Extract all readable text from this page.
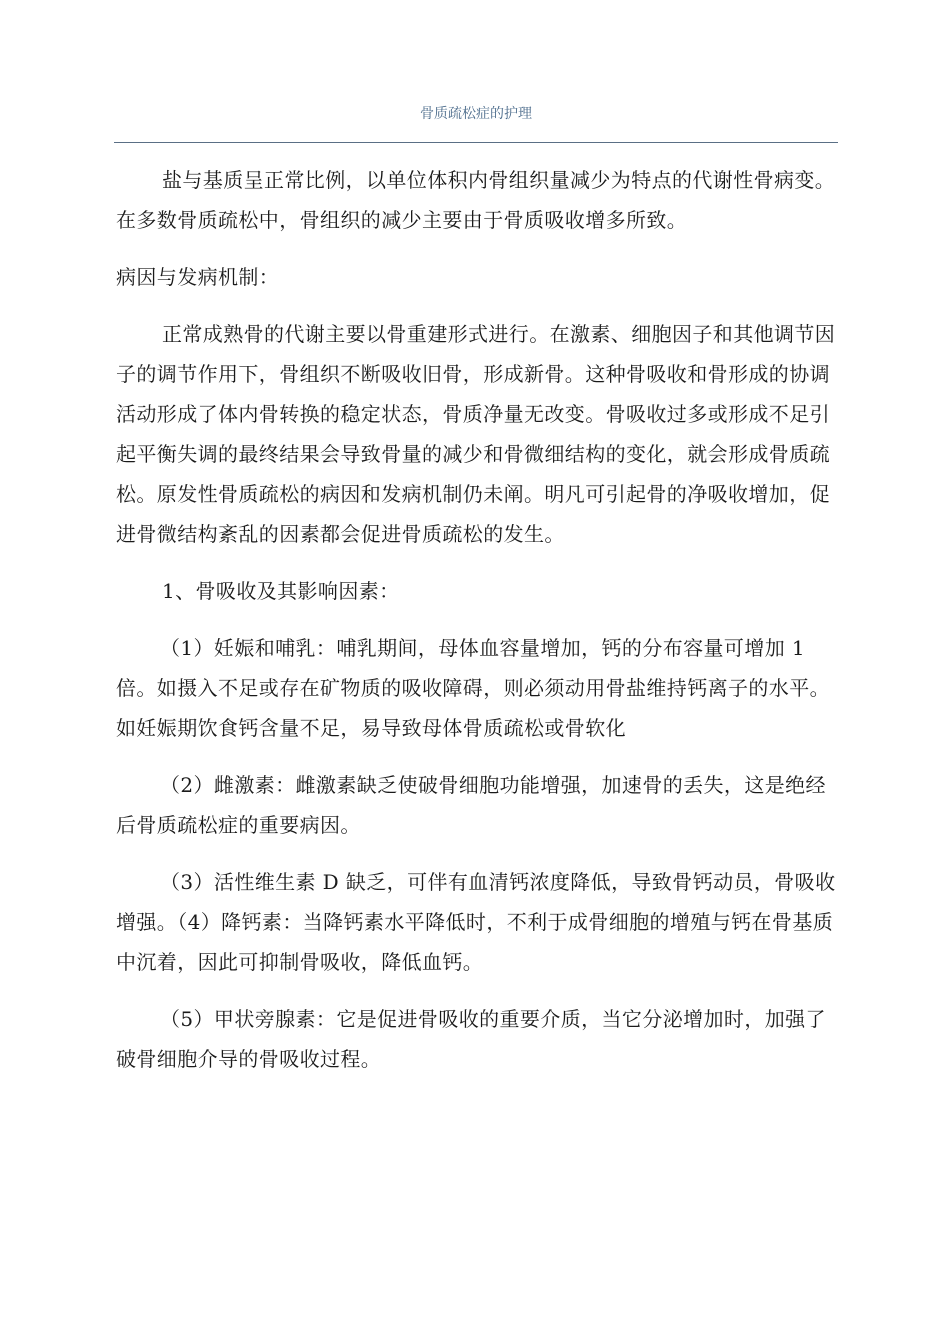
骨质疏松症的护理

盐与基质呈正常比例，以单位体积内骨组织量减少为特点的代谢性骨病变。在多数骨质疏松中，骨组织的减少主要由于骨质吸收增多所致。

病因与发病机制：

正常成熟骨的代谢主要以骨重建形式进行。在激素、细胞因子和其他调节因子的调节作用下，骨组织不断吸收旧骨，形成新骨。这种骨吸收和骨形成的协调活动形成了体内骨转换的稳定状态，骨质净量无改变。骨吸收过多或形成不足引起平衡失调的最终结果会导致骨量的减少和骨微细结构的变化，就会形成骨质疏松。原发性骨质疏松的病因和发病机制仍未阐。明凡可引起骨的净吸收增加，促进骨微结构紊乱的因素都会促进骨质疏松的发生。

1、骨吸收及其影响因素：

（1）妊娠和哺乳：哺乳期间，母体血容量增加，钙的分布容量可增加 1 倍。如摄入不足或存在矿物质的吸收障碍，则必须动用骨盐维持钙离子的水平。如妊娠期饮食钙含量不足，易导致母体骨质疏松或骨软化

（2）雌激素：雌激素缺乏使破骨细胞功能增强，加速骨的丢失，这是绝经后骨质疏松症的重要病因。

（3）活性维生素 D 缺乏，可伴有血清钙浓度降低，导致骨钙动员，骨吸收增强。（4）降钙素：当降钙素水平降低时，不利于成骨细胞的增殖与钙在骨基质中沉着，因此可抑制骨吸收，降低血钙。

（5）甲状旁腺素：它是促进骨吸收的重要介质，当它分泌增加时，加强了破骨细胞介导的骨吸收过程。
